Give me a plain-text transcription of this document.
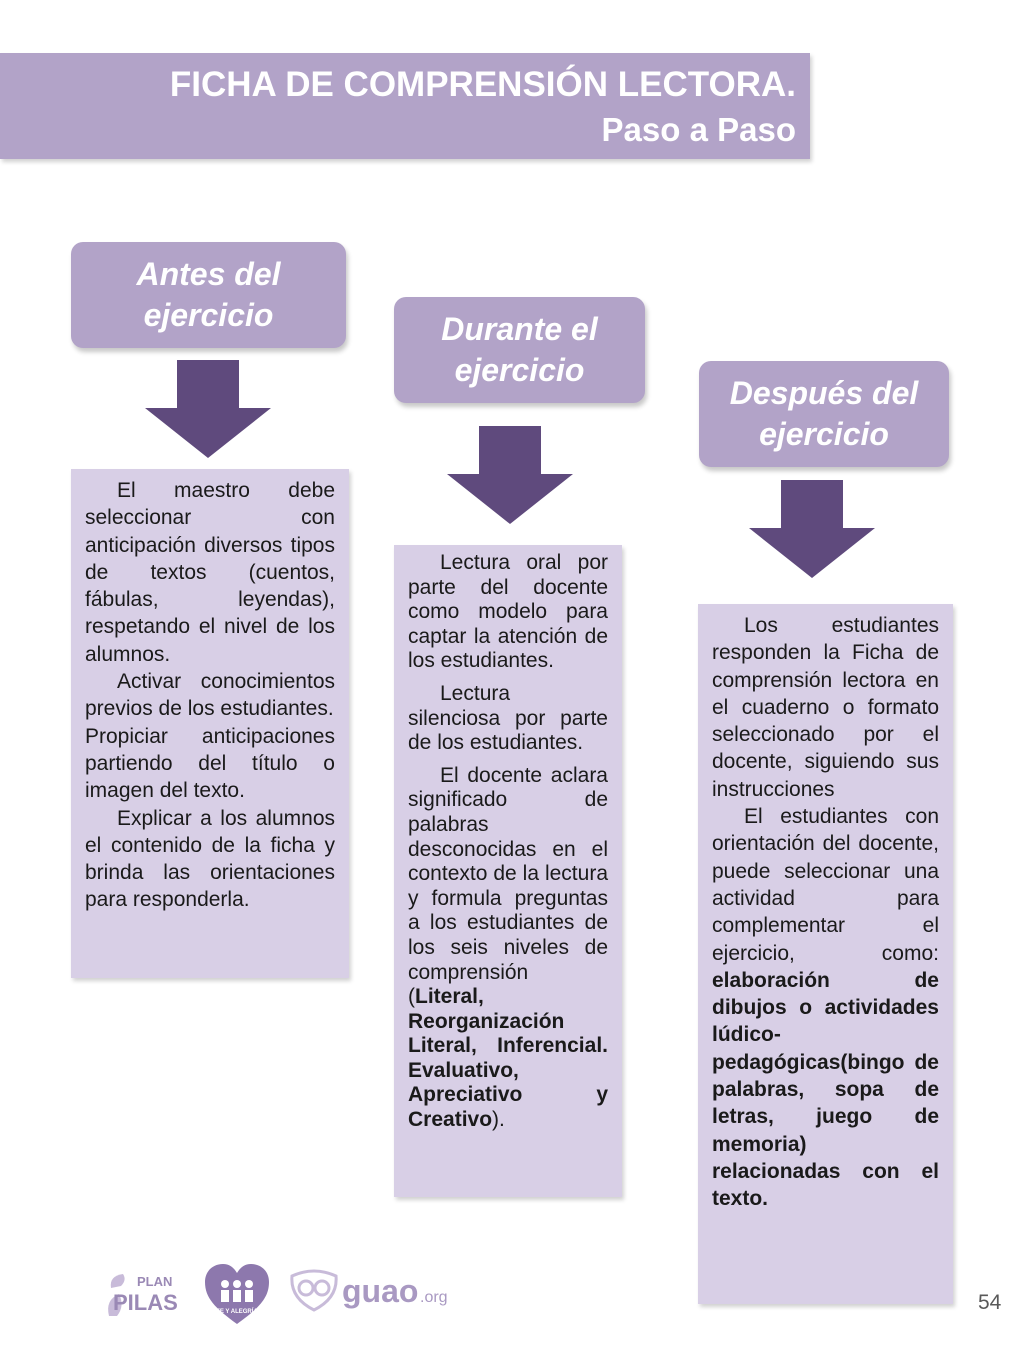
FICHA DE COMPRENSIÓN LECTORA.
Paso a Paso
Antes del
ejercicio	Durante el
ejercicio
Después del
ejercicio

El maestro debe seleccionar con anticipación diversos tipos de textos (cuentos, fábulas, leyendas), respetando el nivel de los alumnos.

Activar conocimientos previos de los estudiantes.

Propiciar anticipaciones partiendo del título o imagen del texto.

Explicar a los alumnos el contenido de la ficha y brinda las orientaciones para responderla.

Lectura oral por parte del docente como modelo para captar la atención de los estudiantes.

Lectura silenciosa por parte de los estudiantes.

El docente aclara significado de palabras desconocidas en el contexto de la lectura y formula preguntas a los estudiantes de los seis niveles de comprensión (Literal, Reorganización Literal, Inferencial. Evaluativo, Apreciativo y Creativo).

Los estudiantes responden la Ficha de comprensión lectora en el cuaderno o formato seleccionado por el docente, siguiendo sus instrucciones

El estudiantes con orientación del docente, puede seleccionar una actividad para complementar el ejercicio, como: elaboración de dibujos o actividades lúdico-pedagógicas(bingo de palabras, sopa de letras, juego de memoria) relacionadas con el texto.

PLAN
PILAS	FE Y ALEGRÍA
guao .org	54
